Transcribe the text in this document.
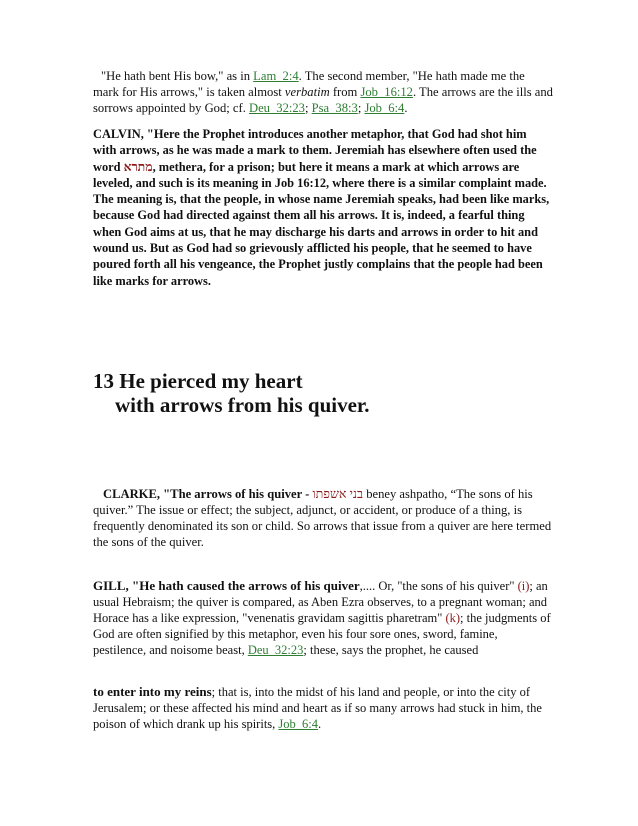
"He hath bent His bow," as in Lam_2:4. The second member, "He hath made me the mark for His arrows," is taken almost verbatim from Job_16:12. The arrows are the ills and sorrows appointed by God; cf. Deu_32:23; Psa_38:3; Job_6:4.

CALVIN, "Here the Prophet introduces another metaphor, that God had shot him with arrows, as he was made a mark to them. Jeremiah has elsewhere often used the word מתרא, methera, for a prison; but here it means a mark at which arrows are leveled, and such is its meaning in Job 16:12, where there is a similar complaint made. The meaning is, that the people, in whose name Jeremiah speaks, had been like marks, because God had directed against them all his arrows. It is, indeed, a fearful thing when God aims at us, that he may discharge his darts and arrows in order to hit and wound us. But as God had so grievously afflicted his people, that he seemed to have poured forth all his vengeance, the Prophet justly complains that the people had been like marks for arrows.

13 He pierced my heart
with arrows from his quiver.

CLARKE, "The arrows of his quiver - בני אשפתו beney ashpatho, “The sons of his quiver.” The issue or effect; the subject, adjunct, or accident, or produce of a thing, is frequently denominated its son or child. So arrows that issue from a quiver are here termed the sons of the quiver.

GILL, "He hath caused the arrows of his quiver,.... Or, "the sons of his quiver" (i); an usual Hebraism; the quiver is compared, as Aben Ezra observes, to a pregnant woman; and Horace has a like expression, "venenatis gravidam sagittis pharetram" (k); the judgments of God are often signified by this metaphor, even his four sore ones, sword, famine, pestilence, and noisome beast, Deu_32:23; these, says the prophet, he caused

to enter into my reins; that is, into the midst of his land and people, or into the city of Jerusalem; or these affected his mind and heart as if so many arrows had stuck in him, the poison of which drank up his spirits, Job_6:4.
